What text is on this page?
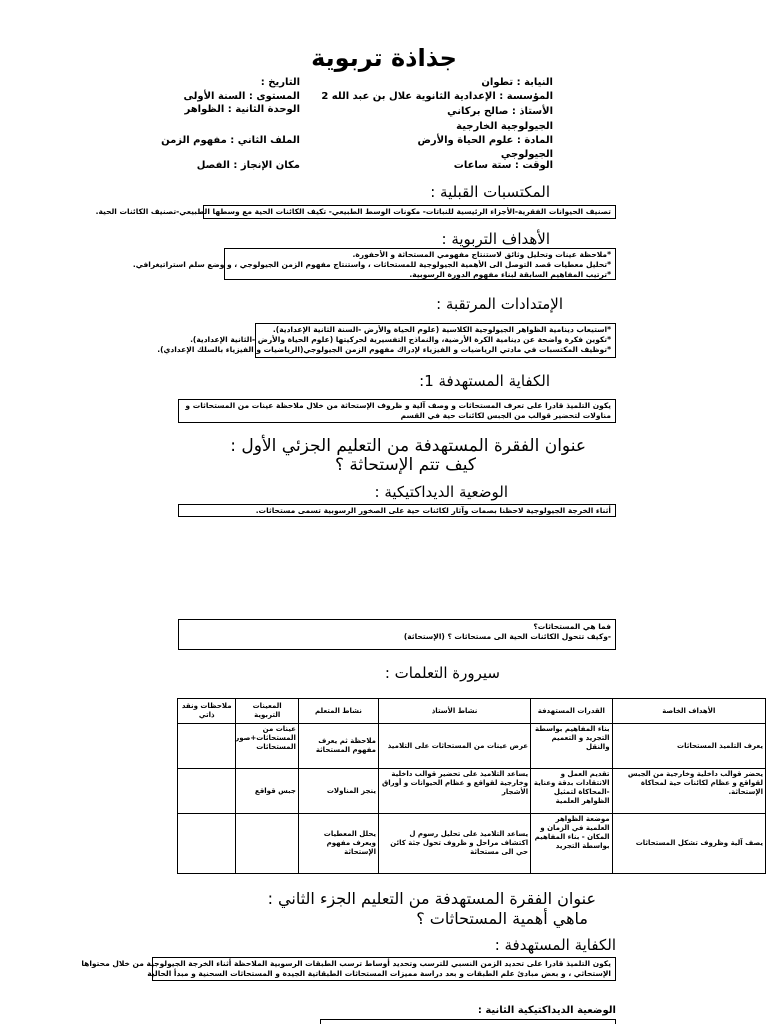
جذاذة تربوية
النيابة : تطوان
المؤسسة : الإعدادية الثانوية علال بن عبد الله 2
الأستاذ : صالح بركاني
الجيولوجية الخارجية
المادة : علوم الحياة والأرض
الجيولوجي
الوقت : ستة ساعات
التاريخ :
المستوى : السنة الأولى
الوحدة الثانية : الظواهر
الملف الثاني : مفهوم الزمن
مكان الإنجاز : الفصل
المكتسبات القبلية :
تصنيف الحيوانات الفقرية-الأجزاء الرئيسية للنباتات- مكونات الوسط الطبيعي- تكيف الكائنات الحية مع وسطها الطبيعي-تصنيف الكائنات الحية.
الأهداف التربوية :
*ملاحظة عينات وتحليل وثائق لاستنتاج مفهومي المستحاثة و الأحفورة.
*تحليل معطيات قصد التوصل الى الأهمية الجيولوجية للمستحاثات ، واستنتاج مفهوم الزمن الجيولوجي ، و وضع سلم استراتيغرافي.
*ترتيب المفاهيم السابقة لبناء مفهوم الدورة الرسوبية.
الإمتدادات المرتقبة :
*استيعاب دينامية الظواهر الجيولوجية الكلاسية (علوم الحياة والأرض -السنة الثانية الإعدادية).
*تكوين فكرة واضحة عن دينامية الكرة الأرضية، والنماذج التفسيرية لحركيتها (علوم الحياة والأرض -الثانية الإعدادية).
*توظيف المكتسبات في مادتي الرياضيات و الفيزياء لإدراك مفهوم الزمن الجيولوجي(الرياضيات و الفيزياء بالسلك الإعدادي).
الكفاية المستهدفة 1:
يكون التلميذ قادرا على تعرف المستحاثات و وصف آلية و ظروف الإستحاثة من خلال ملاحظة عينات من المستحاثات و مناولات لتحضير قوالب من الجبس لكائنات حية في القسم
عنوان الفقرة المستهدفة من التعليم الجزئي الأول :
كيف تتم الإستحاثة ؟
الوضعية الديداكتيكية :
أثناء الخرجة الجيولوجية لاحظنا بصمات وآثار لكائنات حية على الصخور الرسوبية تسمى مستحاثات.
فما هي المستحاثات؟
-وكيف تتحول الكائنات الحية الى مستحاثات ؟ (الإستحاثة)
سيرورة التعلمات :
الأهداف الخاصة	القدرات المستهدفة	نشاط الأستاذ	نشاط المتعلم	المعينات التربوية	ملاحظات ونقد ذاتي
يعرف التلميذ المستحاثات	بناء المفاهيم بواسطة التجريد و التعميم والنقل	عرض عينات من المستحاثات على التلاميذ	ملاحظة ثم يعرف مفهوم المستحاثة	عينات من المستحاثات+صور المستحاثات	
يحضر قوالب داخلية وخارجية من الجبس لقواقع و عظام لكائنات حية لمحاكاة الإستحاثة.	تقديم العمل و الانتقادات بدقة وعناية -المحاكاة لتمثيل الظواهر العلمية	يساعد التلاميذ على تحضير قوالب داخلية وخارجية لقواقع و عظام الحيوانات و أوراق الأشجار	ينجز المناولات	جبس قواقع	
يصف آلية وظروف تشكل المستحاثات	موضعة الظواهر العلمية في الزمان و المكان - بناء المفاهيم بواسطة التجريد	يساعد التلاميذ على تحليل رسوم ل اكتشاف مراحل و ظروف تحول جثة كائن حي الى مستحاثة	يحلل المعطيات ويعرف مفهوم الإستحاثة		
عنوان الفقرة المستهدفة من التعليم الجزء الثاني :
ماهي أهمية المستحاثات ؟
الكفاية المستهدفة :
يكون التلميذ قادرا على تحديد الزمن النسبي للترسب وتحديد أوساط ترسب الطبقات الرسوبية الملاحظة أثناء الخرجة الجيولوجية من خلال محتواها
الإستحاثي ، و بعض مبادئ علم الطبقات و بعد دراسة مميزات المستحاثات الطبقاتية الجيدة و المستحاثات السحنية و مبدأ الحالية
الوضعية الديداكتيكية الثانية :
